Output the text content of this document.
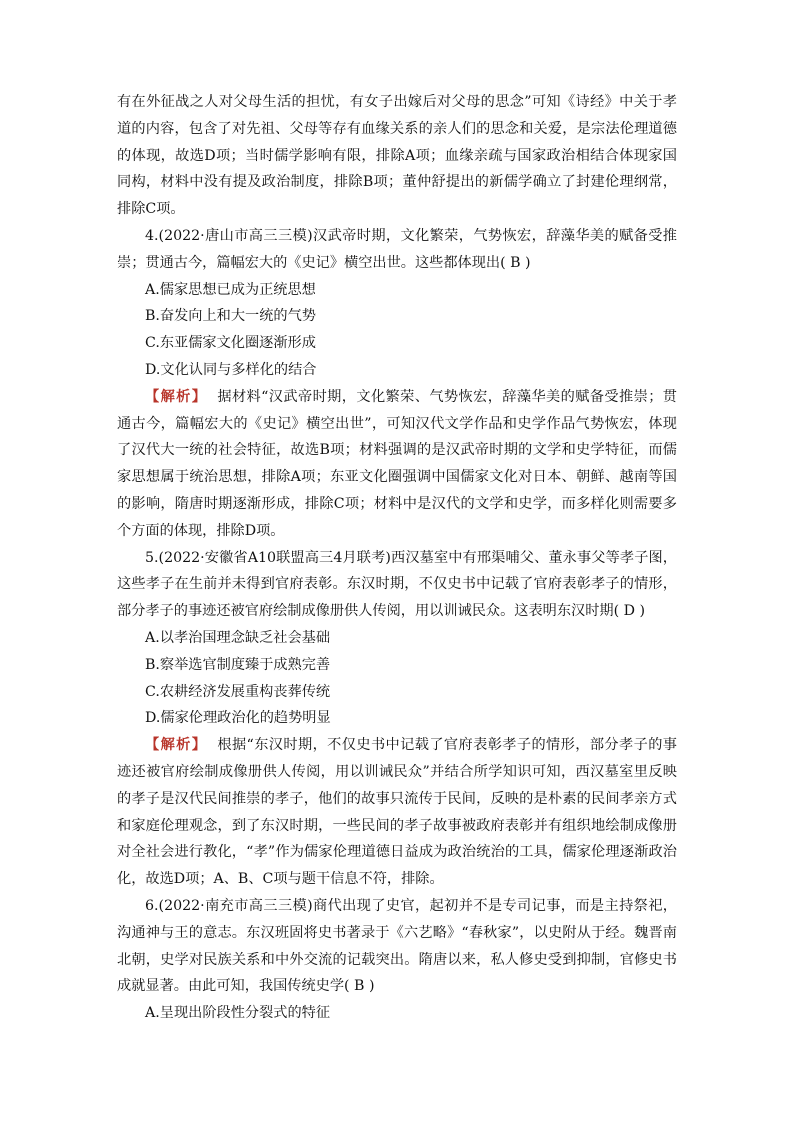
有在外征战之人对父母生活的担忧，有女子出嫁后对父母的思念”可知《诗经》中关于孝道的内容，包含了对先祖、父母等存有血缘关系的亲人们的思念和关爱，是宗法伦理道德的体现，故选D项；当时儒学影响有限，排除A项；血缘亲疏与国家政治相结合体现家国同构，材料中没有提及政治制度，排除B项；董仲舒提出的新儒学确立了封建伦理纲常，排除C项。

4.(2022·唐山市高三三模)汉武帝时期，文化繁荣，气势恢宏，辞藻华美的赋备受推崇；贯通古今，篇幅宏大的《史记》横空出世。这些都体现出( B )

A.儒家思想已成为正统思想

B.奋发向上和大一统的气势

C.东亚儒家文化圈逐渐形成

D.文化认同与多样化的结合

【解析】 据材料“汉武帝时期，文化繁荣、气势恢宏，辞藻华美的赋备受推崇；贯通古今，篇幅宏大的《史记》横空出世”，可知汉代文学作品和史学作品气势恢宏，体现了汉代大一统的社会特征，故选B项；材料强调的是汉武帝时期的文学和史学特征，而儒家思想属于统治思想，排除A项；东亚文化圈强调中国儒家文化对日本、朝鲜、越南等国的影响，隋唐时期逐渐形成，排除C项；材料中是汉代的文学和史学，而多样化则需要多个方面的体现，排除D项。

5.(2022·安徽省A10联盟高三4月联考)西汉墓室中有邢渠哺父、董永事父等孝子图，这些孝子在生前并未得到官府表彰。东汉时期，不仅史书中记载了官府表彰孝子的情形，部分孝子的事迹还被官府绘制成像册供人传阅，用以训诫民众。这表明东汉时期( D )

A.以孝治国理念缺乏社会基础

B.察举选官制度臻于成熟完善

C.农耕经济发展重构丧葬传统

D.儒家伦理政治化的趋势明显

【解析】 根据“东汉时期，不仅史书中记载了官府表彰孝子的情形，部分孝子的事迹还被官府绘制成像册供人传阅，用以训诫民众”并结合所学知识可知，西汉墓室里反映的孝子是汉代民间推崇的孝子，他们的故事只流传于民间，反映的是朴素的民间孝亲方式和家庭伦理观念，到了东汉时期，一些民间的孝子故事被政府表彰并有组织地绘制成像册对全社会进行教化，“孝”作为儒家伦理道德日益成为政治统治的工具，儒家伦理逐渐政治化，故选D项；A、B、C项与题干信息不符，排除。

6.(2022·南充市高三三模)商代出现了史官，起初并不是专司记事，而是主持祭祀，沟通神与王的意志。东汉班固将史书著录于《六艺略》“春秋家”，以史附从于经。魏晋南北朝，史学对民族关系和中外交流的记载突出。隋唐以来，私人修史受到抑制，官修史书成就显著。由此可知，我国传统史学( B )

A.呈现出阶段性分裂式的特征
